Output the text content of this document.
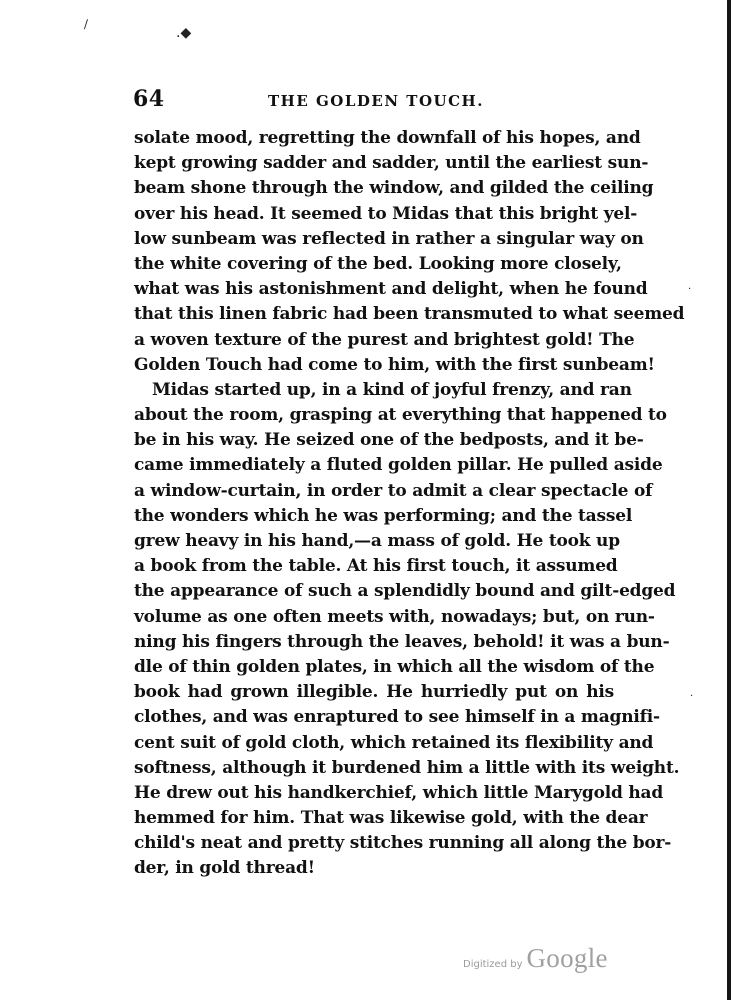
\
.◆
·
·
64	THE GOLDEN TOUCH.
solate mood, regretting the downfall of his hopes, and
kept growing sadder and sadder, until the earliest sun-
beam shone through the window, and gilded the ceiling
over his head. It seemed to Midas that this bright yel-
low sunbeam was reflected in rather a singular way on
the white covering of the bed. Looking more closely,
what was his astonishment and delight, when he found
that this linen fabric had been transmuted to what seemed
a woven texture of the purest and brightest gold! The
Golden Touch had come to him, with the first sunbeam!
Midas started up, in a kind of joyful frenzy, and ran
about the room, grasping at everything that happened to
be in his way. He seized one of the bedposts, and it be-
came immediately a fluted golden pillar. He pulled aside
a window-curtain, in order to admit a clear spectacle of
the wonders which he was performing; and the tassel
grew heavy in his hand,—a mass of gold. He took up
a book from the table. At his first touch, it assumed
the appearance of such a splendidly bound and gilt-edged
volume as one often meets with, nowadays; but, on run-
ning his fingers through the leaves, behold! it was a bun-
dle of thin golden plates, in which all the wisdom of the
book had grown illegible. He hurriedly put on his
clothes, and was enraptured to see himself in a magnifi-
cent suit of gold cloth, which retained its flexibility and
softness, although it burdened him a little with its weight.
He drew out his handkerchief, which little Marygold had
hemmed for him. That was likewise gold, with the dear
child's neat and pretty stitches running all along the bor-
der, in gold thread!
Digitized by Google
